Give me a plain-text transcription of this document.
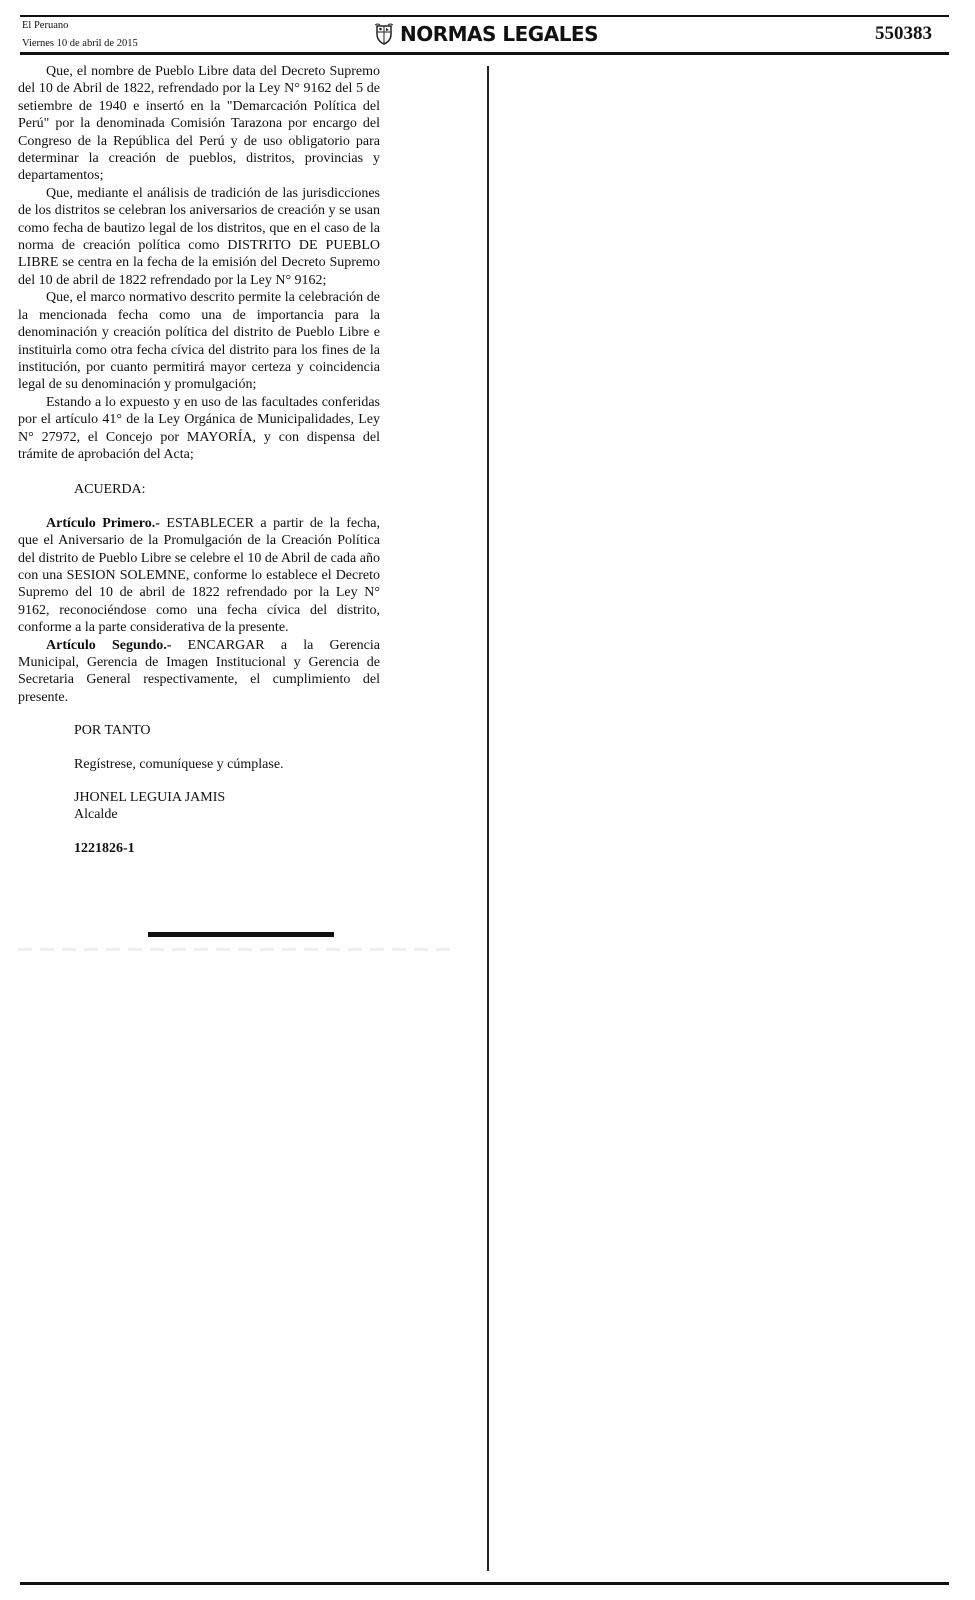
El Peruano
Viernes 10 de abril de 2015	NORMAS LEGALES	550383

Que, el nombre de Pueblo Libre data del Decreto Supremo del 10 de Abril de 1822, refrendado por la Ley N° 9162 del 5 de setiembre de 1940 e insertó en la "Demarcación Política del Perú" por la denominada Comisión Tarazona por encargo del Congreso de la República del Perú y de uso obligatorio para determinar la creación de pueblos, distritos, provincias y departamentos;

Que, mediante el análisis de tradición de las jurisdicciones de los distritos se celebran los aniversarios de creación y se usan como fecha de bautizo legal de los distritos, que en el caso de la norma de creación política como DISTRITO DE PUEBLO LIBRE se centra en la fecha de la emisión del Decreto Supremo del 10 de abril de 1822 refrendado por la Ley N° 9162;

Que, el marco normativo descrito permite la celebración de la mencionada fecha como una de importancia para la denominación y creación política del distrito de Pueblo Libre e instituirla como otra fecha cívica del distrito para los fines de la institución, por cuanto permitirá mayor certeza y coincidencia legal de su denominación y promulgación;

Estando a lo expuesto y en uso de las facultades conferidas por el artículo 41° de la Ley Orgánica de Municipalidades, Ley N° 27972, el Concejo por MAYORÍA, y con dispensa del trámite de aprobación del Acta;

ACUERDA:

Artículo Primero.- ESTABLECER a partir de la fecha, que el Aniversario de la Promulgación de la Creación Política del distrito de Pueblo Libre se celebre el 10 de Abril de cada año con una SESION SOLEMNE, conforme lo establece el Decreto Supremo del 10 de abril de 1822 refrendado por la Ley N° 9162, reconociéndose como una fecha cívica del distrito, conforme a la parte considerativa de la presente.

Artículo Segundo.- ENCARGAR a la Gerencia Municipal, Gerencia de Imagen Institucional y Gerencia de Secretaria General respectivamente, el cumplimiento del presente.

POR TANTO

Regístrese, comuníquese y cúmplase.

JHONEL LEGUIA JAMIS

Alcalde

1221826-1
